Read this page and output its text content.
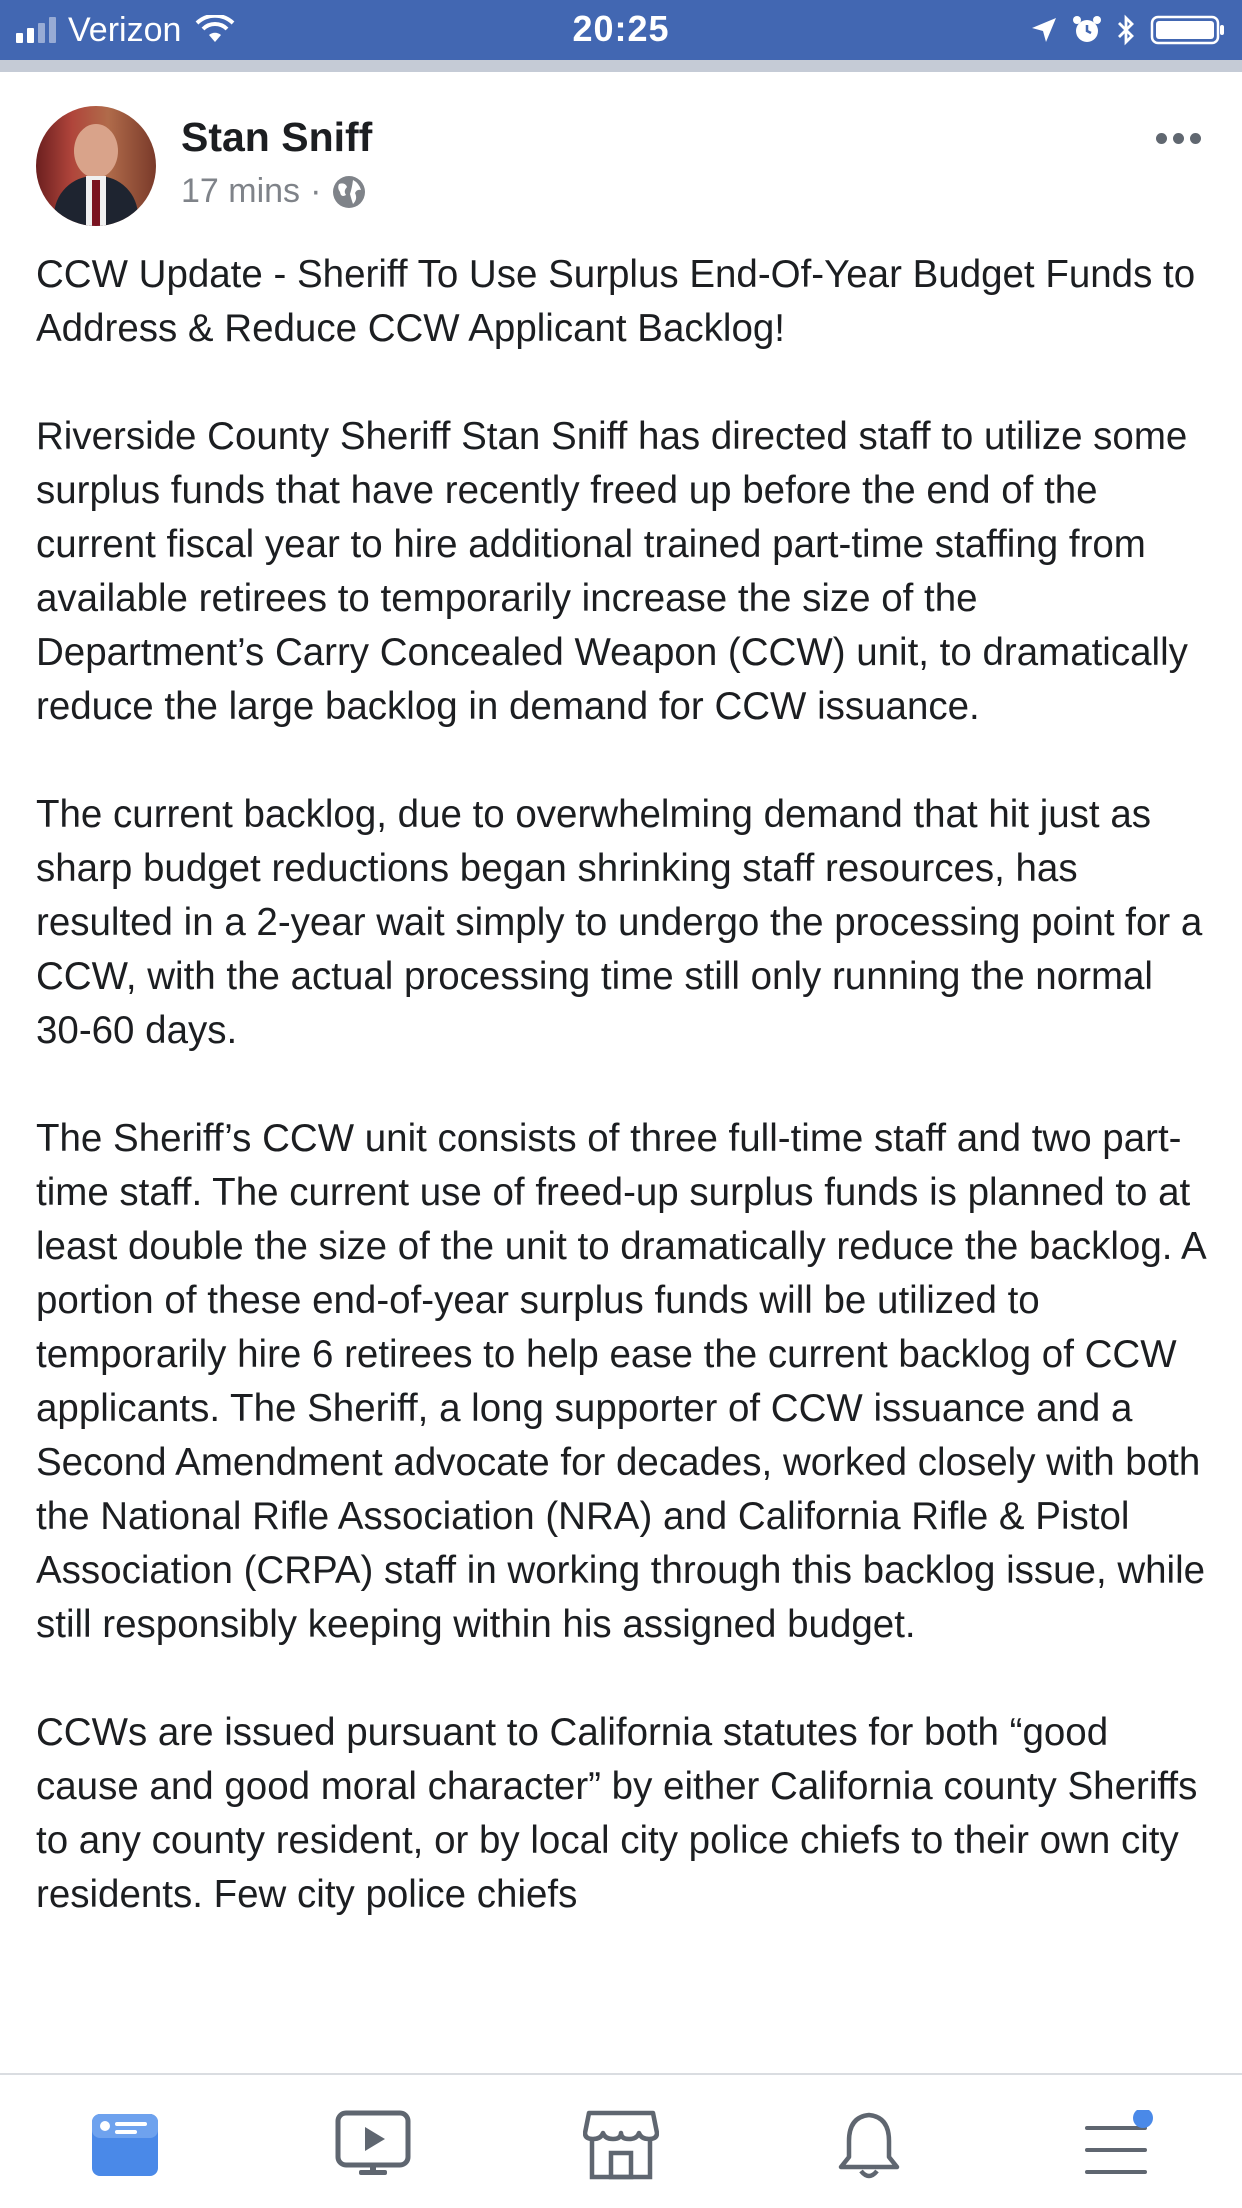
Verizon	20:25
Stan Sniff
17 mins ·
CCW Update - Sheriff To Use Surplus End-Of-Year Budget Funds to Address & Reduce CCW Applicant Backlog!

Riverside County Sheriff Stan Sniff has directed staff to utilize some surplus funds that have recently freed up before the end of the current fiscal year to hire additional trained part-time staffing from available retirees to temporarily increase the size of the Department’s Carry Concealed Weapon (CCW) unit, to dramatically reduce the large backlog in demand for CCW issuance.

The current backlog, due to overwhelming demand that hit just as sharp budget reductions began shrinking staff resources, has resulted in a 2-year wait simply to undergo the processing point for a CCW, with the actual processing time still only running the normal 30-60 days.

The Sheriff’s CCW unit consists of three full-time staff and two part-time staff. The current use of freed-up surplus funds is planned to at least double the size of the unit to dramatically reduce the backlog. A portion of these end-of-year surplus funds will be utilized to temporarily hire 6 retirees to help ease the current backlog of CCW applicants. The Sheriff, a long supporter of CCW issuance and a Second Amendment advocate for decades, worked closely with both the National Rifle Association (NRA) and California Rifle & Pistol Association (CRPA) staff in working through this backlog issue, while still responsibly keeping within his assigned budget.

CCWs are issued pursuant to California statutes for both “good cause and good moral character” by either California county Sheriffs to any county resident, or by local city police chiefs to their own city residents. Few city police chiefs
